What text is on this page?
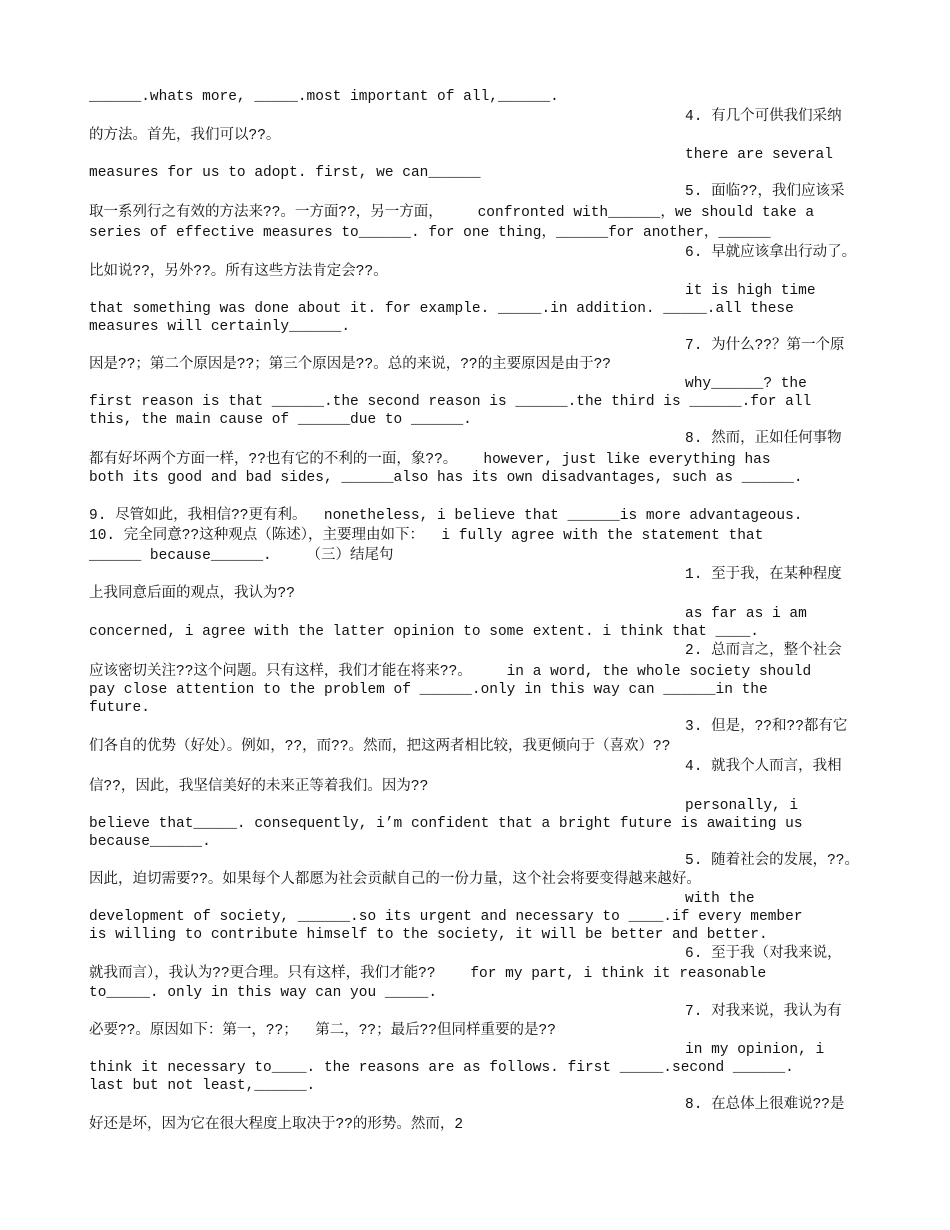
______.whats more, _____.most important of all,______.
4. 有几个可供我们采纳
的方法。首先，我们可以??。
there are several
measures for us to adopt. first, we can______
5. 面临??，我们应该采
取一系列行之有效的方法来??。一方面??，另一方面，    confronted with______，we should take a
series of effective measures to______. for one thing，______for another，______
6. 早就应该拿出行动了。
比如说??，另外??。所有这些方法肯定会??。
it is high time
that something was done about it. for example. _____.in addition. _____.all these
measures will certainly______.
7. 为什么??？第一个原
因是??；第二个原因是??；第三个原因是??。总的来说，??的主要原因是由于??
why______? the
first reason is that ______.the second reason is ______.the third is ______.for all
this, the main cause of ______due to ______.
8. 然而，正如任何事物
都有好坏两个方面一样，??也有它的不利的一面，象??。   however, just like everything has
both its good and bad sides, ______also has its own disadvantages, such as ______.
9. 尽管如此，我相信??更有利。  nonetheless, i believe that ______is more advantageous.
10. 完全同意??这种观点（陈述），主要理由如下：  i fully agree with the statement that
______ because______.    （三）结尾句
1. 至于我，在某种程度
上我同意后面的观点，我认为??
as far as i am
concerned, i agree with the latter opinion to some extent. i think that ____.
2. 总而言之，整个社会
应该密切关注??这个问题。只有这样，我们才能在将来??。    in a word, the whole society should
pay close attention to the problem of ______.only in this way can ______in the
future.
3. 但是，??和??都有它
们各自的优势（好处）。例如，??，而??。然而，把这两者相比较，我更倾向于（喜欢）??
4. 就我个人而言，我相
信??，因此，我坚信美好的未来正等着我们。因为??
personally, i
believe that_____. consequently, i’m confident that a bright future is awaiting us
because______.
5. 随着社会的发展，??。
因此，迫切需要??。如果每个人都愿为社会贡献自己的一份力量，这个社会将要变得越来越好。
with the
development of society, ______.so its urgent and necessary to ____.if every member
is willing to contribute himself to the society, it will be better and better.
6. 至于我（对我来说，
就我而言），我认为??更合理。只有这样，我们才能??    for my part, i think it reasonable
to_____. only in this way can you _____.
7. 对我来说，我认为有
必要??。原因如下：第一，??；  第二，??；最后??但同样重要的是??
in my opinion, i
think it necessary to____. the reasons are as follows. first _____.second ______.
last but not least,______.
8. 在总体上很难说??是
好还是坏，因为它在很大程度上取决于??的形势。然而，2
